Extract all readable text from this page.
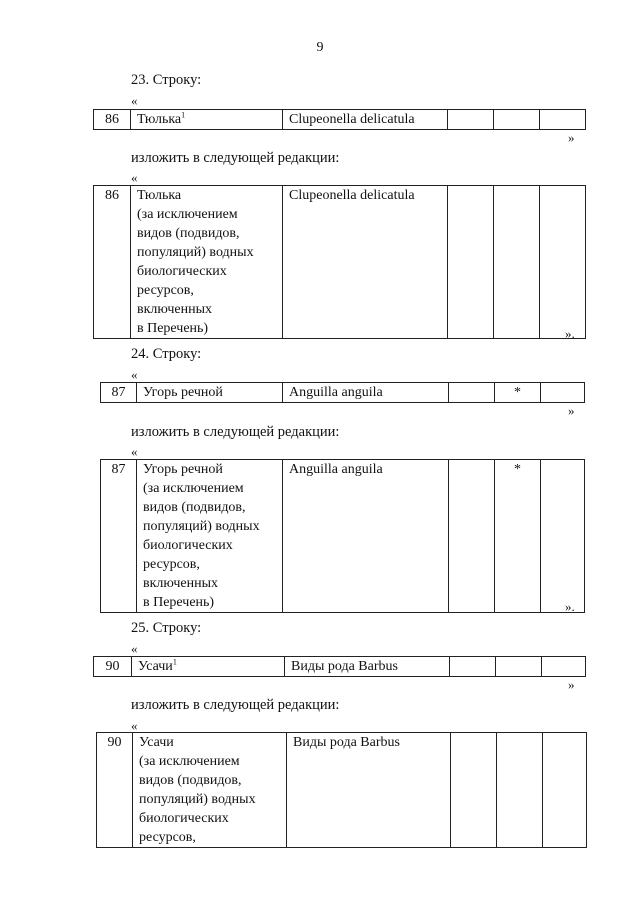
9
23. Строку:
«
86	Тюлька$^1$	Clupeonella delicatula			
»
изложить в следующей редакции:
«
86	Тюлька
(за исключением
видов (подвидов,
популяций) водных
биологических
ресурсов,
включенных
в Перечень)
	Clupeonella delicatula			
».
24. Строку:
«
87	Угорь речной	Anguilla anguila		*	
»
изложить в следующей редакции:
«
87	Угорь речной
(за исключением
видов (подвидов,
популяций) водных
биологических
ресурсов,
включенных
в Перечень)
	Anguilla anguila		*	
».
25. Строку:
«
90	Усачи$^1$	Виды рода Barbus			
»
изложить в следующей редакции:
«
90	Усачи
(за исключением
видов (подвидов,
популяций) водных
биологических
ресурсов,
	Виды рода Barbus			
